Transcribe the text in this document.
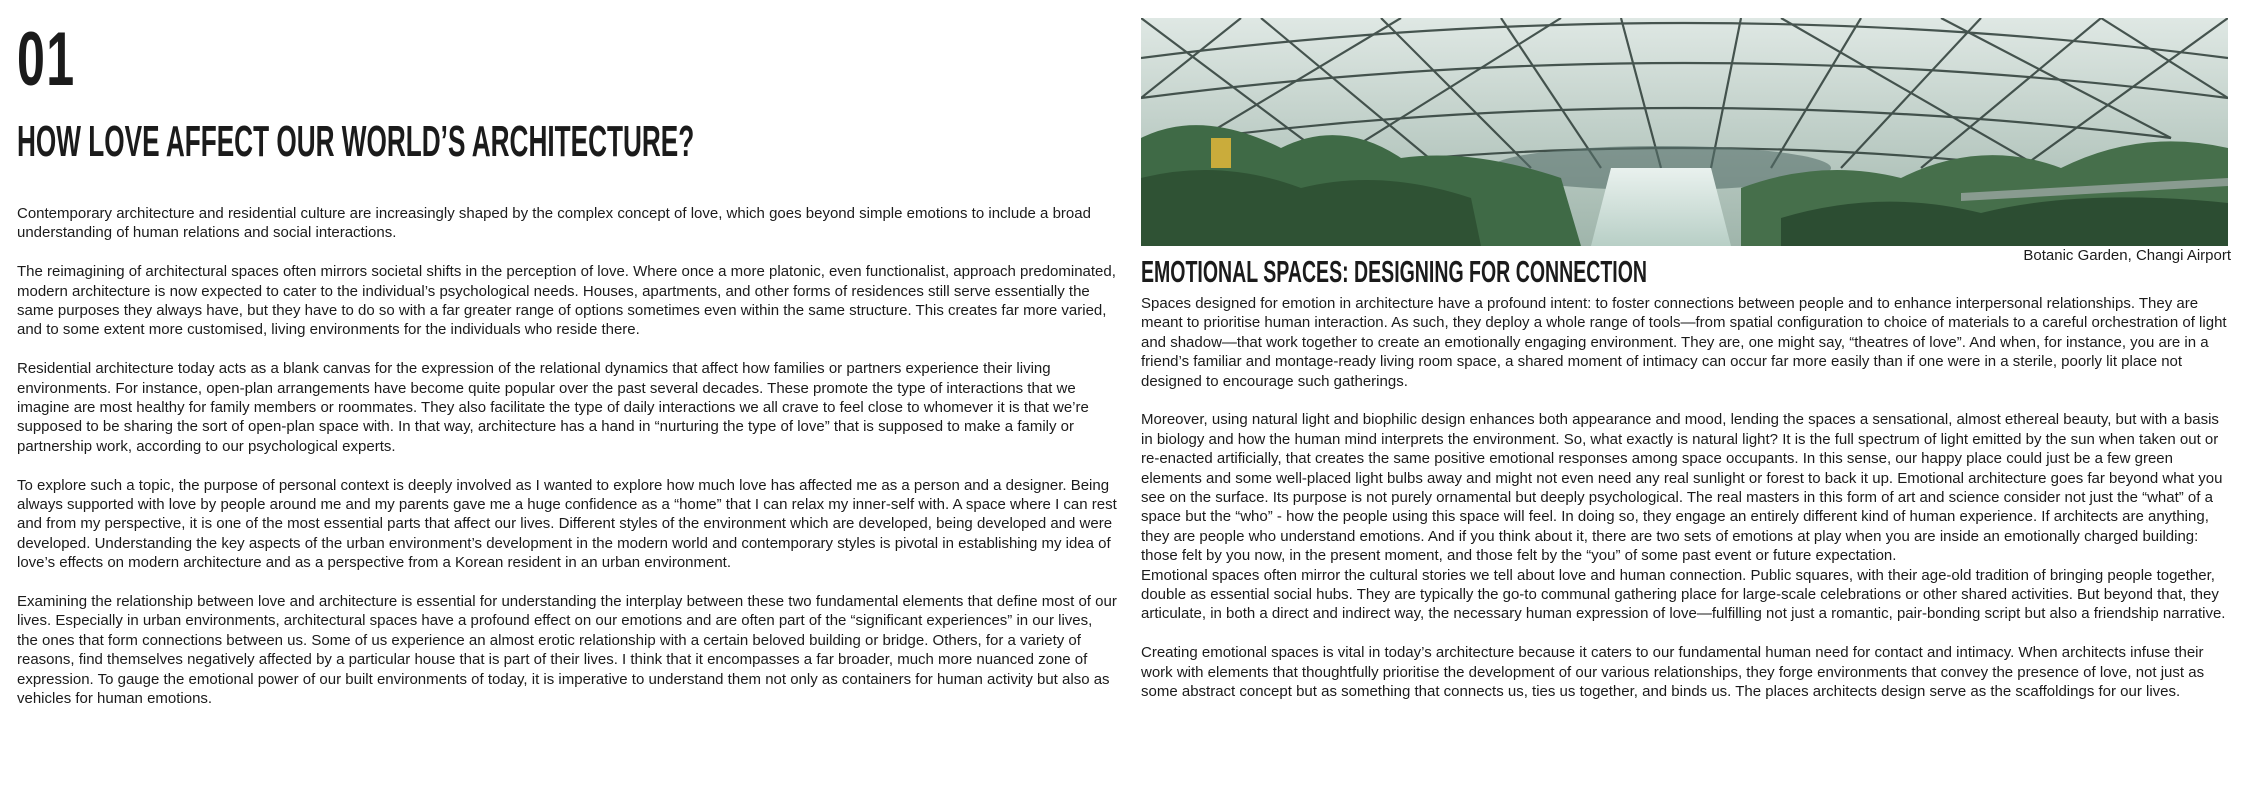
01
HOW LOVE AFFECT OUR WORLD’S ARCHITECTURE?

Contemporary architecture and residential culture are increasingly shaped by the complex concept of love, which goes beyond simple emotions to include a broad understanding of human relations and social interactions.

The reimagining of architectural spaces often mirrors societal shifts in the perception of love. Where once a more platonic, even functionalist, approach predominated, modern architecture is now expected to cater to the individual’s psychological needs. Houses, apartments, and other forms of residences still serve essentially the same purposes they always have, but they have to do so with a far greater range of options sometimes even within the same structure. This creates far more varied, and to some extent more customised, living environments for the individuals who reside there.

Residential architecture today acts as a blank canvas for the expression of the relational dynamics that affect how families or partners experience their living environments. For instance, open-plan arrangements have become quite popular over the past several decades. These promote the type of interactions that we imagine are most healthy for family members or roommates. They also facilitate the type of daily interactions we all crave to feel close to whomever it is that we’re supposed to be sharing the sort of open-plan space with. In that way, architecture has a hand in “nurturing the type of love” that is supposed to make a family or partnership work, according to our psychological experts.

To explore such a topic, the purpose of personal context is deeply involved as I wanted to explore how much love has affected me as a person and a designer. Being always supported with love by people around me and my parents gave me a huge confidence as a “home” that I can relax my inner-self with. A space where I can rest and from my perspective, it is one of the most essential parts that affect our lives. Different styles of the environment which are developed, being developed and were developed. Understanding the key aspects of the urban environment’s development in the modern world and contemporary styles is pivotal in establishing my idea of love’s effects on modern architecture and as a perspective from a Korean resident in an urban environment.

Examining the relationship between love and architecture is essential for understanding the interplay between these two fundamental elements that define most of our lives. Especially in urban environments, architectural spaces have a profound effect on our emotions and are often part of the “significant experiences” in our lives, the ones that form connections between us. Some of us experience an almost erotic relationship with a certain beloved building or bridge. Others, for a variety of reasons, find themselves negatively affected by a particular house that is part of their lives. I think that it encompasses a far broader, much more nuanced zone of expression. To gauge the emotional power of our built environments of today, it is imperative to understand them not only as containers for human activity but also as vehicles for human emotions.

Botanic Garden, Changi Airport
EMOTIONAL SPACES: DESIGNING FOR CONNECTION

Spaces designed for emotion in architecture have a profound intent: to foster connections between people and to enhance interpersonal relationships. They are meant to prioritise human interaction. As such, they deploy a whole range of tools—from spatial configuration to choice of materials to a careful orchestration of light and shadow—that work together to create an emotionally engaging environment. They are, one might say, “theatres of love”. And when, for instance, you are in a friend’s familiar and montage-ready living room space, a shared moment of intimacy can occur far more easily than if one were in a sterile, poorly lit place not designed to encourage such gatherings.

Moreover, using natural light and biophilic design enhances both appearance and mood, lending the spaces a sensational, almost ethereal beauty, but with a basis in biology and how the human mind interprets the environment. So, what exactly is natural light? It is the full spectrum of light emitted by the sun when taken out or re-enacted artificially, that creates the same positive emotional responses among space occupants. In this sense, our happy place could just be a few green elements and some well-placed light bulbs away and might not even need any real sunlight or forest to back it up. Emotional architecture goes far beyond what you see on the surface. Its purpose is not purely ornamental but deeply psychological. The real masters in this form of art and science consider not just the “what” of a space but the “who” - how the people using this space will feel. In doing so, they engage an entirely different kind of human experience. If architects are anything, they are people who understand emotions. And if you think about it, there are two sets of emotions at play when you are inside an emotionally charged building: those felt by you now, in the present moment, and those felt by the “you” of some past event or future expectation.

Emotional spaces often mirror the cultural stories we tell about love and human connection. Public squares, with their age-old tradition of bringing people together, double as essential social hubs. They are typically the go-to communal gathering place for large-scale celebrations or other shared activities. But beyond that, they articulate, in both a direct and indirect way, the necessary human expression of love—fulfilling not just a romantic, pair-bonding script but also a friendship narrative.

Creating emotional spaces is vital in today’s architecture because it caters to our fundamental human need for contact and intimacy. When architects infuse their work with elements that thoughtfully prioritise the development of our various relationships, they forge environments that convey the presence of love, not just as some abstract concept but as something that connects us, ties us together, and binds us. The places architects design serve as the scaffoldings for our lives.
